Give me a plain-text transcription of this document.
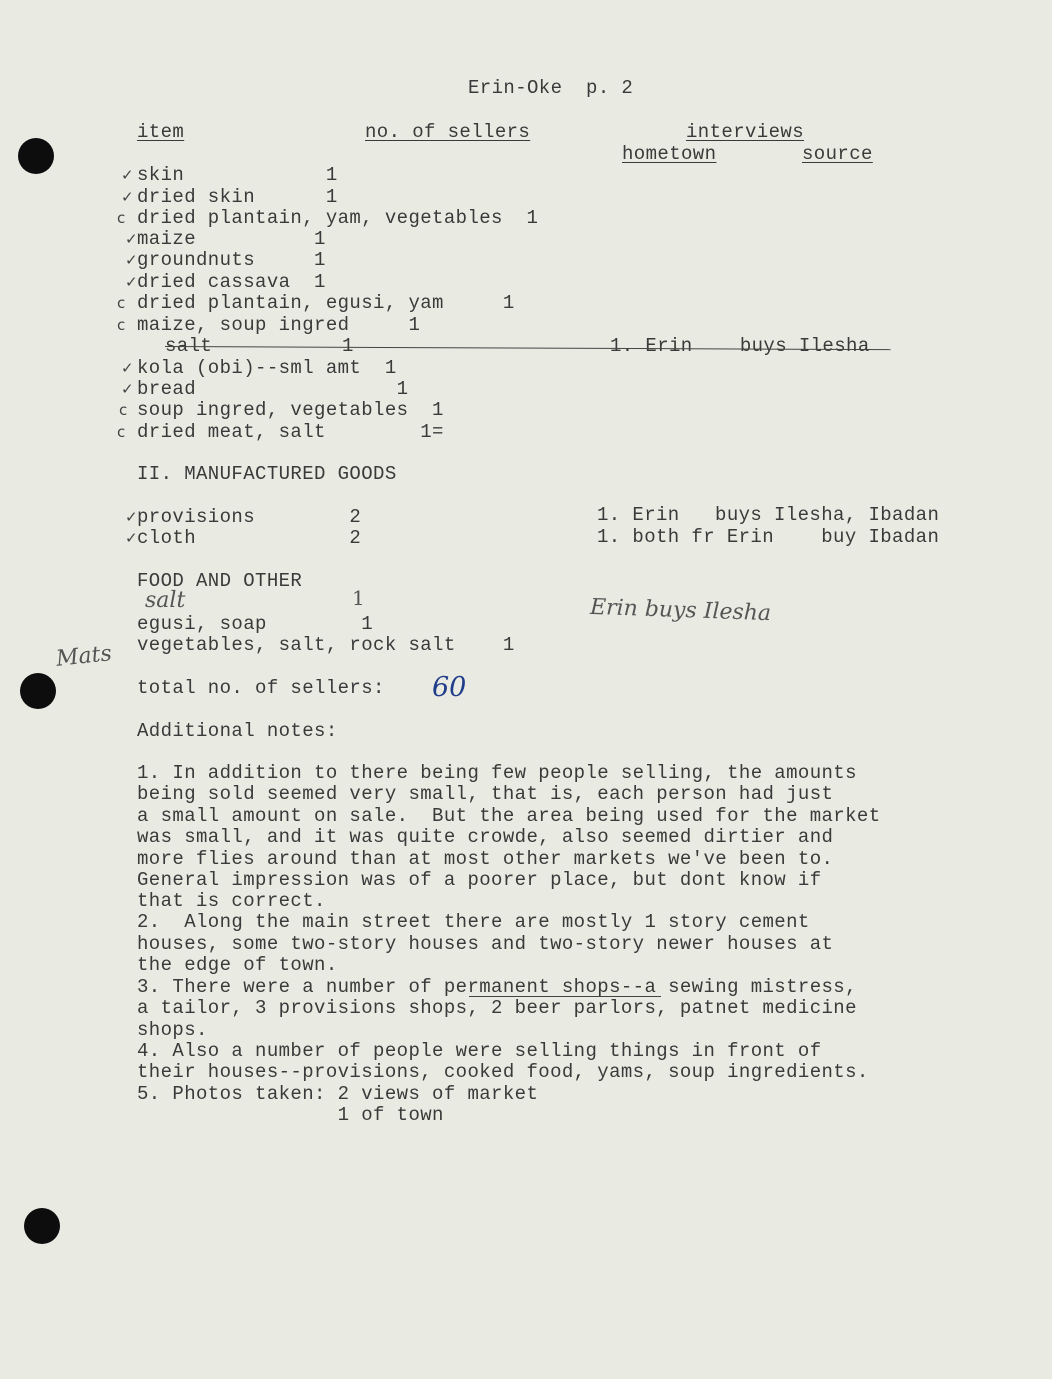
Erin-Oke  p. 2
item	no. of sellers	interviews
hometown	source
✓ skin            1
✓ dried skin      1
c dried plantain, yam, vegetables  1
✓ maize          1
✓ groundnuts     1
✓ dried cassava  1
c dried plantain, egusi, yam     1
c maize, soup ingred     1
salt           1	1. Erin    buys Ilesha
✓ kola (obi)--sml amt  1
✓ bread                 1
c soup ingred, vegetables  1
c dried meat, salt        1=
II. MANUFACTURED GOODS
✓ provisions        2	1. Erin   buys Ilesha, Ibadan
✓ cloth             2	1. both fr Erin    buy Ibadan
FOOD AND OTHER
salt	1	Erin buys Ilesha
egusi, soap        1
vegetables, salt, rock salt    1
Mats
total no. of sellers: 60
Additional notes:
1. In addition to there being few people selling, the amounts
being sold seemed very small, that is, each person had just
a small amount on sale.  But the area being used for the market
was small, and it was quite crowde, also seemed dirtier and
more flies around than at most other markets we've been to.
General impression was of a poorer place, but dont know if
that is correct.
2.  Along the main street there are mostly 1 story cement
houses, some two-story houses and two-story newer houses at
the edge of town.
3. There were a number of permanent shops--a sewing mistress,
a tailor, 3 provisions shops, 2 beer parlors, patnet medicine
shops.
4. Also a number of people were selling things in front of
their houses--provisions, cooked food, yams, soup ingredients.
5. Photos taken: 2 views of market
1 of town
